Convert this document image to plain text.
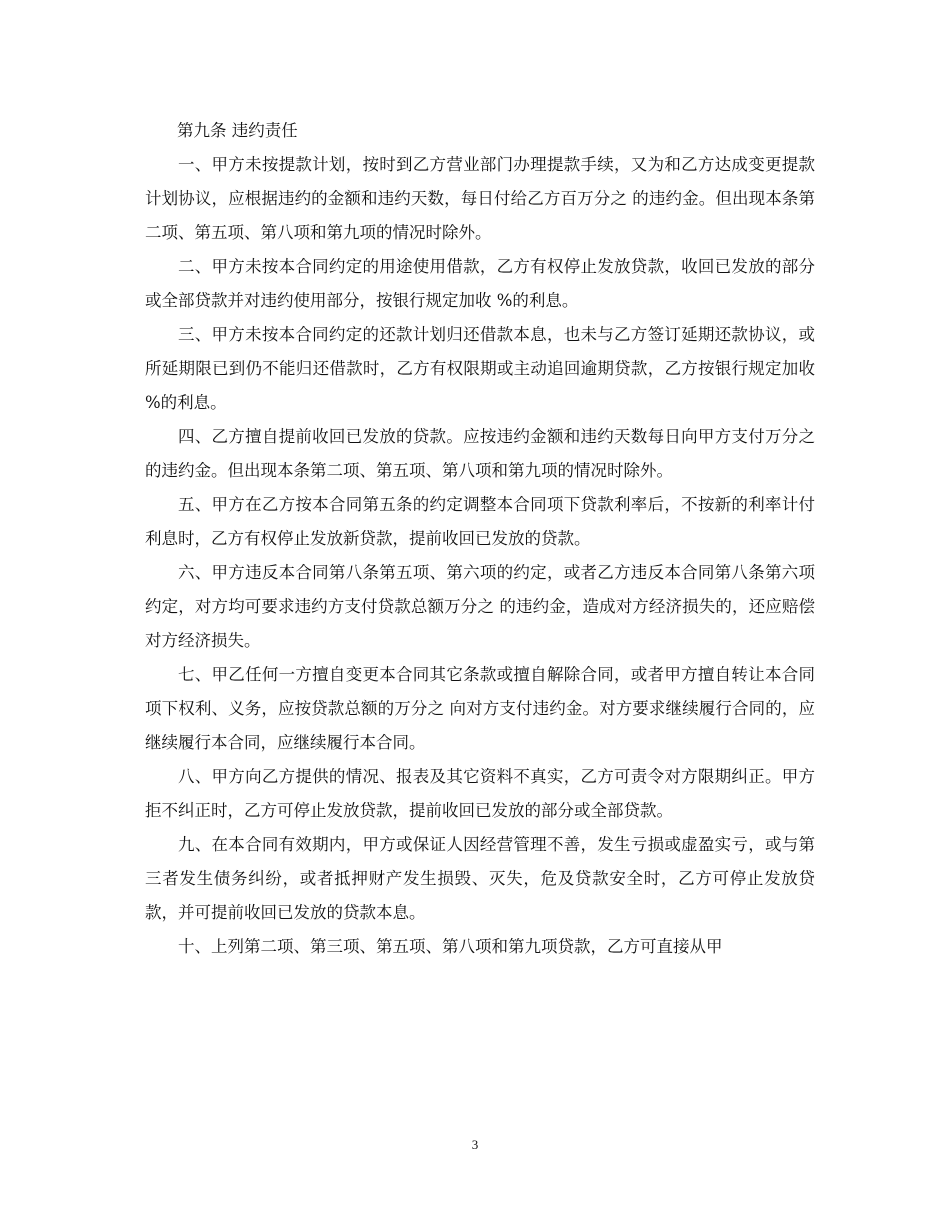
第九条 违约责任

一、甲方未按提款计划，按时到乙方营业部门办理提款手续，又为和乙方达成变更提款计划协议，应根据违约的金额和违约天数，每日付给乙方百万分之 的违约金。但出现本条第二项、第五项、第八项和第九项的情况时除外。

二、甲方未按本合同约定的用途使用借款，乙方有权停止发放贷款，收回已发放的部分或全部贷款并对违约使用部分，按银行规定加收 %的利息。

三、甲方未按本合同约定的还款计划归还借款本息，也未与乙方签订延期还款协议，或所延期限已到仍不能归还借款时，乙方有权限期或主动追回逾期贷款，乙方按银行规定加收 %的利息。

四、乙方擅自提前收回已发放的贷款。应按违约金额和违约天数每日向甲方支付万分之 的违约金。但出现本条第二项、第五项、第八项和第九项的情况时除外。

五、甲方在乙方按本合同第五条的约定调整本合同项下贷款利率后，不按新的利率计付利息时，乙方有权停止发放新贷款，提前收回已发放的贷款。

六、甲方违反本合同第八条第五项、第六项的约定，或者乙方违反本合同第八条第六项约定，对方均可要求违约方支付贷款总额万分之 的违约金，造成对方经济损失的，还应赔偿对方经济损失。

七、甲乙任何一方擅自变更本合同其它条款或擅自解除合同，或者甲方擅自转让本合同项下权利、义务，应按贷款总额的万分之 向对方支付违约金。对方要求继续履行合同的，应继续履行本合同，应继续履行本合同。

八、甲方向乙方提供的情况、报表及其它资料不真实，乙方可责令对方限期纠正。甲方拒不纠正时，乙方可停止发放贷款，提前收回已发放的部分或全部贷款。

九、在本合同有效期内，甲方或保证人因经营管理不善，发生亏损或虚盈实亏，或与第三者发生债务纠纷，或者抵押财产发生损毁、灭失，危及贷款安全时，乙方可停止发放贷款，并可提前收回已发放的贷款本息。

十、上列第二项、第三项、第五项、第八项和第九项贷款，乙方可直接从甲

3
